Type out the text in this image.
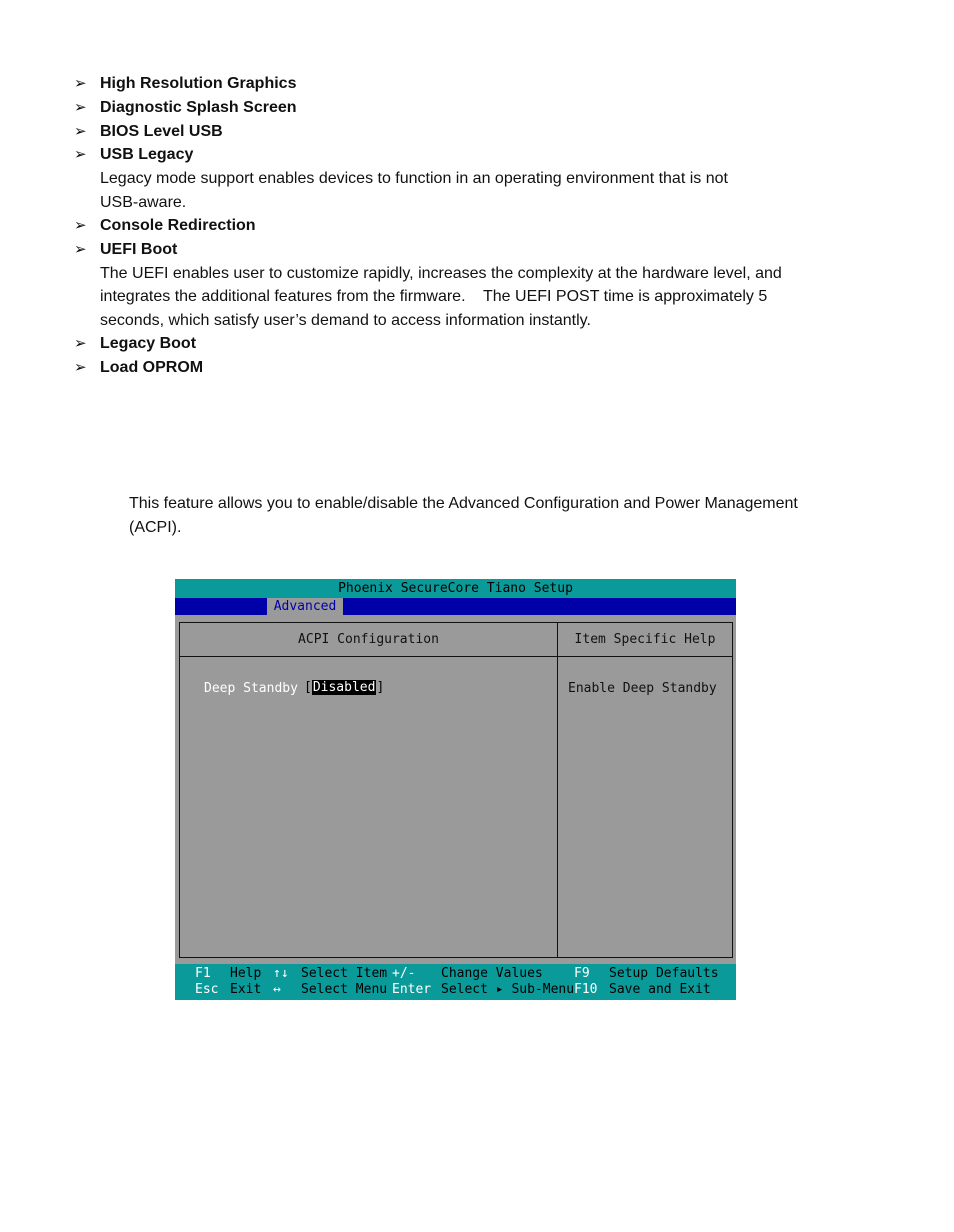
➢ High Resolution Graphics
➢ Diagnostic Splash Screen
➢ BIOS Level USB
➢ USB Legacy
Legacy mode support enables devices to function in an operating environment that is not
USB-aware.
➢ Console Redirection
➢ UEFI Boot
The UEFI enables user to customize rapidly, increases the complexity at the hardware level, and
integrates the additional features from the firmware.    The UEFI POST time is approximately 5
seconds, which satisfy user’s demand to access information instantly.
➢ Legacy Boot
➢ Load OPROM
This feature allows you to enable/disable the Advanced Configuration and Power Management
(ACPI).
Phoenix SecureCore Tiano Setup
Advanced
ACPI Configuration	Item Specific Help
Deep Standby [Disabled]	Enable Deep Standby
F1 Help ↑↓ Select Item +/- Change Values F9 Setup Defaults
Esc Exit ↔ Select Menu Enter Select ▸ Sub-Menu F10 Save and Exit
